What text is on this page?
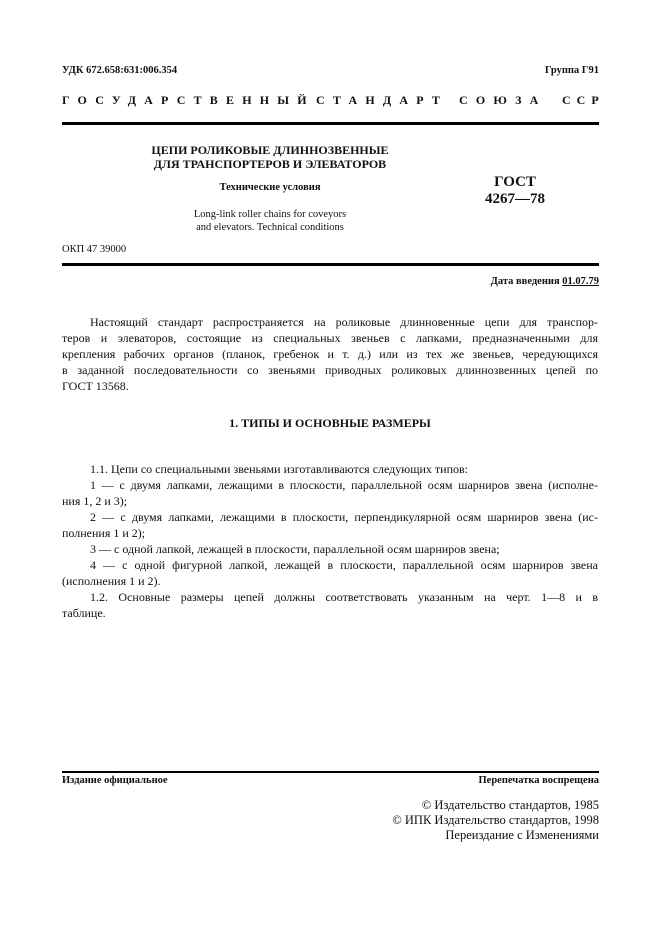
УДК 672.658:631:006.354	Группа Г91
ГОСУДАРСТВЕННЫЙ СТАНДАРТ СОЮЗА ССР
ЦЕПИ РОЛИКОВЫЕ ДЛИННОЗВЕННЫЕ
ДЛЯ ТРАНСПОРТЕРОВ И ЭЛЕВАТОРОВ
Технические условия
Long-link roller chains for coveyors
and elevators. Technical conditions
ГОСТ
4267—78
ОКП 47 39000
Дата введения 01.07.79
Настоящий стандарт распространяется на роликовые длинновенные цепи для транспор-
теров и элеваторов, состоящие из специальных звеньев с лапками, предназначенными для
крепления рабочих органов (планок, гребенок и т. д.) или из тех же звеньев, чередующихся
в заданной последовательности со звеньями приводных роликовых длиннозвенных цепей по
ГОСТ 13568.
1. ТИПЫ И ОСНОВНЫЕ РАЗМЕРЫ
1.1. Цепи со специальными звеньями изготавливаются следующих типов:
1 — с двумя лапками, лежащими в плоскости, параллельной осям шарниров звена (исполне-
ния 1, 2 и 3);
2 — с двумя лапками, лежащими в плоскости, перпендикулярной осям шарниров звена (ис-
полнения 1 и 2);
3 — с одной лапкой, лежащей в плоскости, параллельной осям шарниров звена;
4 — с одной фигурной лапкой, лежащей в плоскости, параллельной осям шарниров звена
(исполнения 1 и 2).
1.2. Основные размеры цепей должны соответствовать указанным на черт. 1—8 и в
таблице.
Издание официальное	Перепечатка воспрещена
© Издательство стандартов, 1985
© ИПК Издательство стандартов, 1998
Переиздание с Изменениями
